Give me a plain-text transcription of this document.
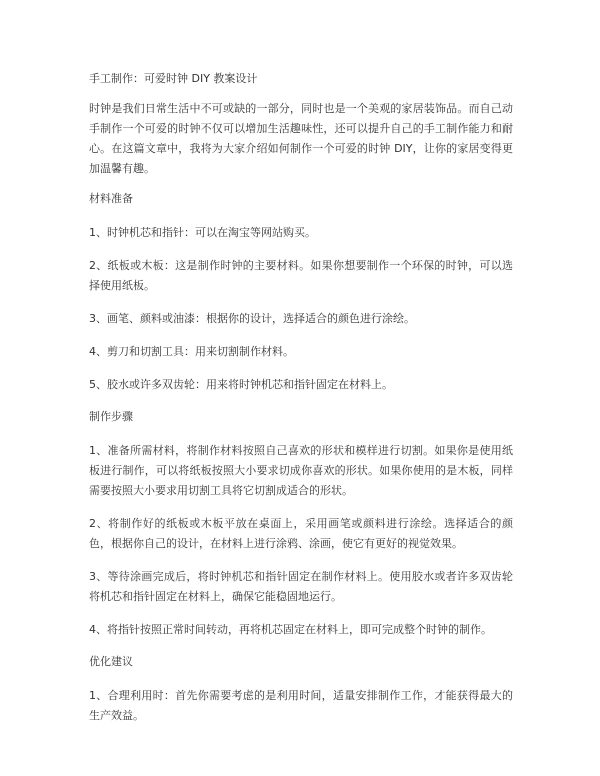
手工制作：可爱时钟 DIY 教案设计

时钟是我们日常生活中不可或缺的一部分，同时也是一个美观的家居装饰品。而自己动手制作一个可爱的时钟不仅可以增加生活趣味性，还可以提升自己的手工制作能力和耐心。在这篇文章中，我将为大家介绍如何制作一个可爱的时钟 DIY，让你的家居变得更加温馨有趣。

材料准备

1、时钟机芯和指针：可以在淘宝等网站购买。

2、纸板或木板：这是制作时钟的主要材料。如果你想要制作一个环保的时钟，可以选择使用纸板。

3、画笔、颜料或油漆：根据你的设计，选择适合的颜色进行涂绘。

4、剪刀和切割工具：用来切割制作材料。

5、胶水或许多双齿轮：用来将时钟机芯和指针固定在材料上。

制作步骤

1、准备所需材料，将制作材料按照自己喜欢的形状和模样进行切割。如果你是使用纸板进行制作，可以将纸板按照大小要求切成你喜欢的形状。如果你使用的是木板，同样需要按照大小要求用切割工具将它切割成适合的形状。

2、将制作好的纸板或木板平放在桌面上，采用画笔或颜料进行涂绘。选择适合的颜色，根据你自己的设计，在材料上进行涂鸦、涂画，使它有更好的视觉效果。

3、等待涂画完成后，将时钟机芯和指针固定在制作材料上。使用胶水或者许多双齿轮将机芯和指针固定在材料上，确保它能稳固地运行。

4、将指针按照正常时间转动，再将机芯固定在材料上，即可完成整个时钟的制作。

优化建议

1、合理利用时：首先你需要考虑的是利用时间，适量安排制作工作，才能获得最大的生产效益。
